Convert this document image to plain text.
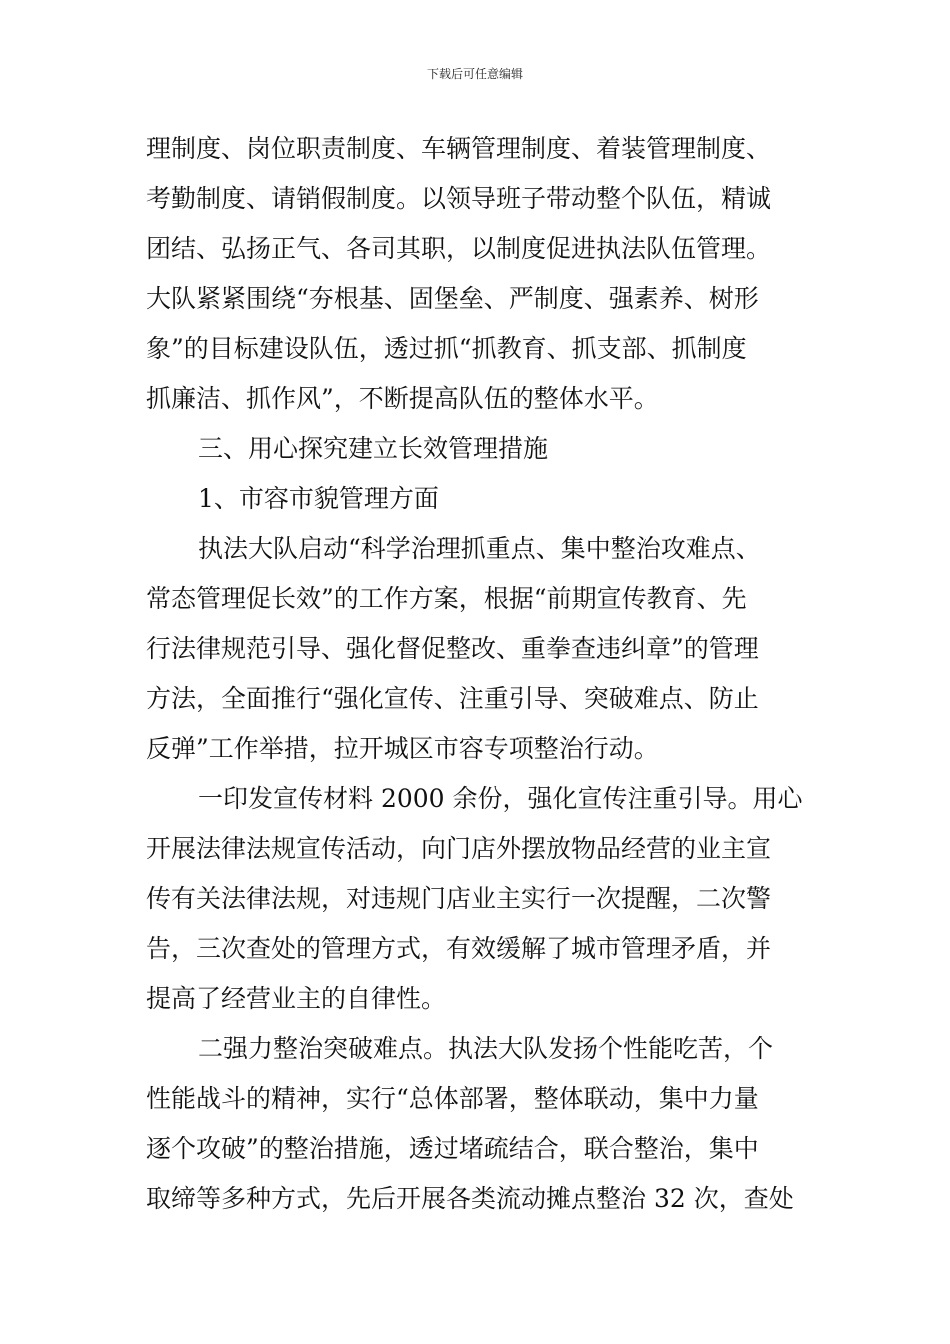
下载后可任意编辑
理制度、岗位职责制度、车辆管理制度、着装管理制度、
考勤制度、请销假制度。以领导班子带动整个队伍，精诚
团结、弘扬正气、各司其职，以制度促进执法队伍管理。
大队紧紧围绕“夯根基、固堡垒、严制度、强素养、树形
象”的目标建设队伍，透过抓“抓教育、抓支部、抓制度
抓廉洁、抓作风”，不断提高队伍的整体水平。
三、用心探究建立长效管理措施
1、市容市貌管理方面
执法大队启动“科学治理抓重点、集中整治攻难点、
常态管理促长效”的工作方案，根据“前期宣传教育、先
行法律规范引导、强化督促整改、重拳查违纠章”的管理
方法，全面推行“强化宣传、注重引导、突破难点、防止
反弹”工作举措，拉开城区市容专项整治行动。
一印发宣传材料 2000 余份，强化宣传注重引导。用心
开展法律法规宣传活动，向门店外摆放物品经营的业主宣
传有关法律法规，对违规门店业主实行一次提醒，二次警
告，三次查处的管理方式，有效缓解了城市管理矛盾，并
提高了经营业主的自律性。
二强力整治突破难点。执法大队发扬个性能吃苦，个
性能战斗的精神，实行“总体部署，整体联动，集中力量
逐个攻破”的整治措施，透过堵疏结合，联合整治，集中
取缔等多种方式，先后开展各类流动摊点整治 32 次，查处
